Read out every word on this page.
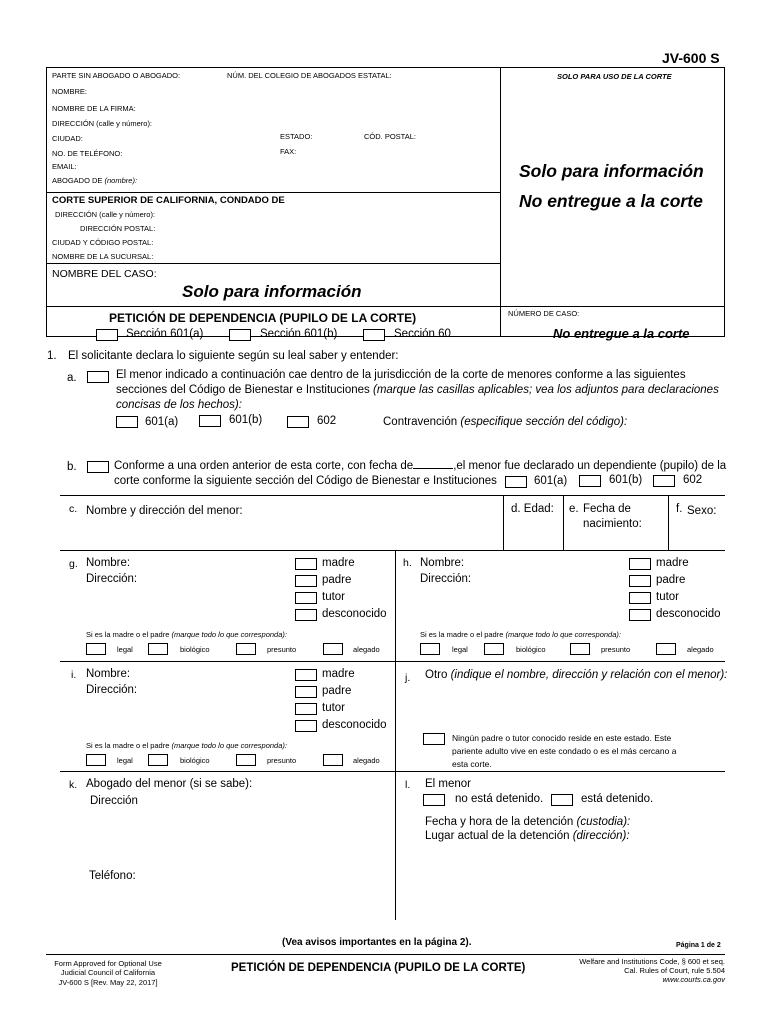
JV-600 S
PARTE SIN ABOGADO O ABOGADO:	NÚM. DEL COLEGIO DE ABOGADOS ESTATAL:	SOLO PARA USO DE LA CORTE
NOMBRE:
NOMBRE DE LA FIRMA:
DIRECCIÓN (calle y número):
CIUDAD:	ESTADO:	CÓD. POSTAL:
NO. DE TELÉFONO:	FAX:
EMAIL:
ABOGADO DE (nombre):	Solo para información
No entregue a la corte
CORTE SUPERIOR DE CALIFORNIA, CONDADO DE
DIRECCIÓN (calle y número):
DIRECCIÓN POSTAL:
CIUDAD Y CÓDIGO POSTAL:
NOMBRE DE LA SUCURSAL:
NOMBRE DEL CASO:
Solo para información
PETICIÓN DE DEPENDENCIA (PUPILO DE LA CORTE)
Sección 601(a)	Sección 601(b)	Sección 60
NÚMERO DE CASO:
No entregue a la corte
1. El solicitante declara lo siguiente según su leal saber y entender:
a.	El menor indicado a continuación cae dentro de la jurisdicción de la corte de menores conforme a las siguientes
secciones del Código de Bienestar e Instituciones (marque las casillas aplicables; vea los adjuntos para declaraciones
concisas de los hechos):
601(a)	601(b)	602	Contravención (especifique sección del código):
b.	Conforme a una orden anterior de esta corte, con fecha de	,el menor fue declarado un dependiente (pupilo) de la
corte conforme la siguiente sección del Código de Bienestar e Instituciones	601(a)	601(b)	602
c. Nombre y dirección del menor:	d. Edad: e. Fecha de
nacimiento:
f. Sexo:
g. Nombre:
Dirección:
madre
padre
tutor
desconocido
Si es la madre o el padre (marque todo lo que corresponda):
legal	biológico	presunto	alegado
h. Nombre:
Dirección:
madre
padre
tutor
desconocido
Si es la madre o el padre (marque todo lo que corresponda):
legal	biológico	presunto	alegado
i. Nombre:
Dirección:
madre
padre
tutor
desconocido
Si es la madre o el padre (marque todo lo que corresponda):
legal	biológico	presunto	alegado
j. Otro (indique el nombre, dirección y relación con el menor):
Ningún padre o tutor conocido reside en este estado. Este
pariente adulto vive en este condado o es el más cercano a
esta corte.
k. Abogado del menor (si se sabe):
Dirección
Teléfono:
l. El menor
no está detenido.	está detenido.
Fecha y hora de la detención (custodia):
Lugar actual de la detención (dirección):
(Vea avisos importantes en la página 2).	Página 1 de 2
Form Approved for Optional Use
Judicial Council of California
JV-600 S [Rev. May 22, 2017]
PETICIÓN DE DEPENDENCIA (PUPILO DE LA CORTE)
Welfare and Institutions Code, § 600 et seq.
Cal. Rules of Court, rule 5.504
www.courts.ca.gov
